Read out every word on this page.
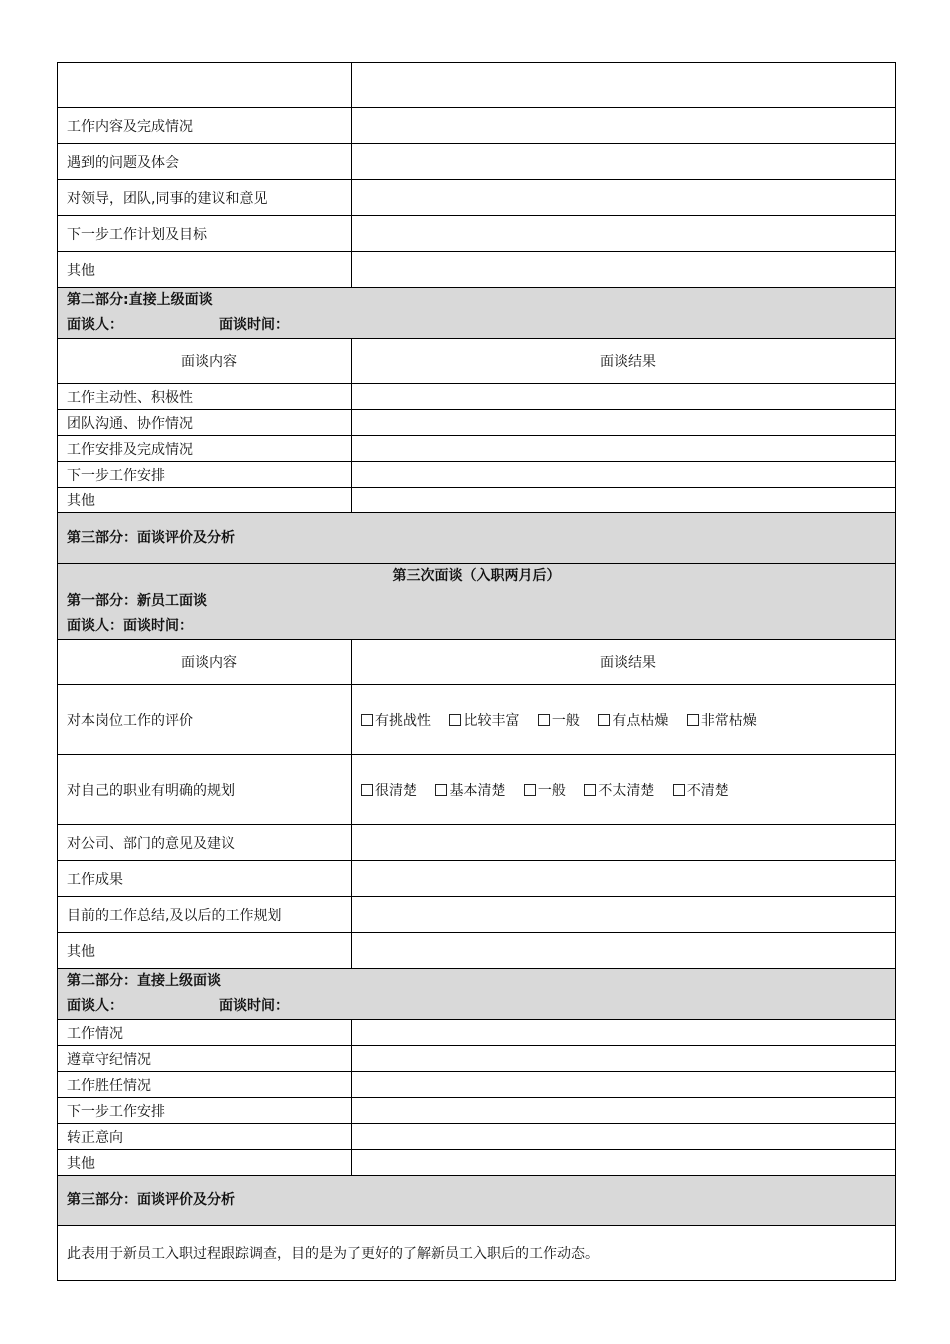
工作内容及完成情况	
遇到的问题及体会	
对领导，团队,同事的建议和意见	
下一步工作计划及目标	
其他	

第二部分:直接上级面谈
面谈人： 面谈时间：	

面谈内容	面谈结果
工作主动性、积极性	
团队沟通、协作情况	
工作安排及完成情况	
下一步工作安排	
其他	

第三部分：面谈评价及分析	

第三次面谈（入职两月后）
第一部分：新员工面谈
面谈人：面谈时间：	

面谈内容	面谈结果
对本岗位工作的评价	有挑战性 比较丰富 一般 有点枯燥 非常枯燥
对自己的职业有明确的规划	很清楚 基本清楚 一般 不太清楚 不清楚
对公司、部门的意见及建议	
工作成果	
目前的工作总结,及以后的工作规划	
其他	

第二部分：直接上级面谈
面谈人： 面谈时间：	

工作情况	
遵章守纪情况	
工作胜任情况	
下一步工作安排	
转正意向	
其他	

第三部分：面谈评价及分析	

此表用于新员工入职过程跟踪调查，目的是为了更好的了解新员工入职后的工作动态。	
